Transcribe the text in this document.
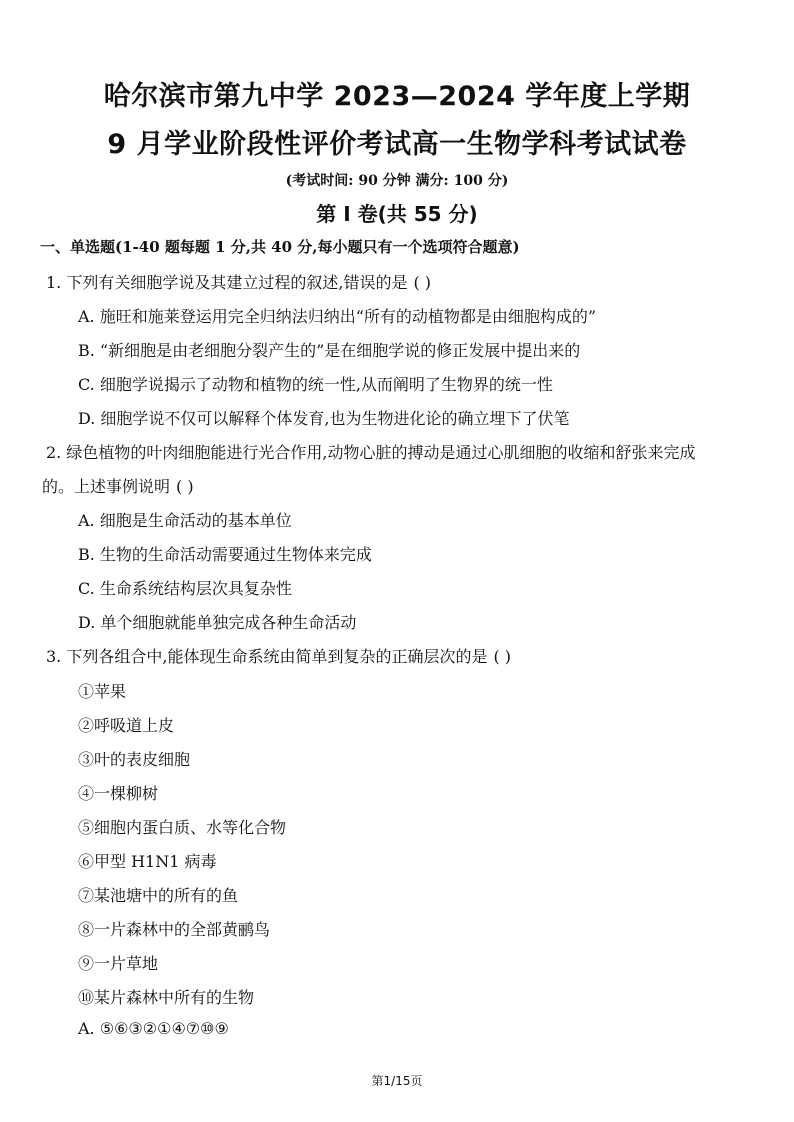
哈尔滨市第九中学 2023—2024 学年度上学期
9 月学业阶段性评价考试高一生物学科考试试卷
(考试时间: 90 分钟 满分: 100 分)
第 I 卷(共 55 分)
一、单选题(1-40 题每题 1 分,共 40 分,每小题只有一个选项符合题意)
1. 下列有关细胞学说及其建立过程的叙述,错误的是 ( )
A. 施旺和施莱登运用完全归纳法归纳出“所有的动植物都是由细胞构成的”
B. “新细胞是由老细胞分裂产生的”是在细胞学说的修正发展中提出来的
C. 细胞学说揭示了动物和植物的统一性,从而阐明了生物界的统一性
D. 细胞学说不仅可以解释个体发育,也为生物进化论的确立埋下了伏笔
2. 绿色植物的叶肉细胞能进行光合作用,动物心脏的搏动是通过心肌细胞的收缩和舒张来完成
的。上述事例说明 ( )
A. 细胞是生命活动的基本单位
B. 生物的生命活动需要通过生物体来完成
C. 生命系统结构层次具复杂性
D. 单个细胞就能单独完成各种生命活动
3. 下列各组合中,能体现生命系统由简单到复杂的正确层次的是 ( )
①苹果
②呼吸道上皮
③叶的表皮细胞
④一棵柳树
⑤细胞内蛋白质、水等化合物
⑥甲型 H1N1 病毒
⑦某池塘中的所有的鱼
⑧一片森林中的全部黄鹂鸟
⑨一片草地
⑩某片森林中所有的生物
A. ⑤⑥③②①④⑦⑩⑨
第1/15页
